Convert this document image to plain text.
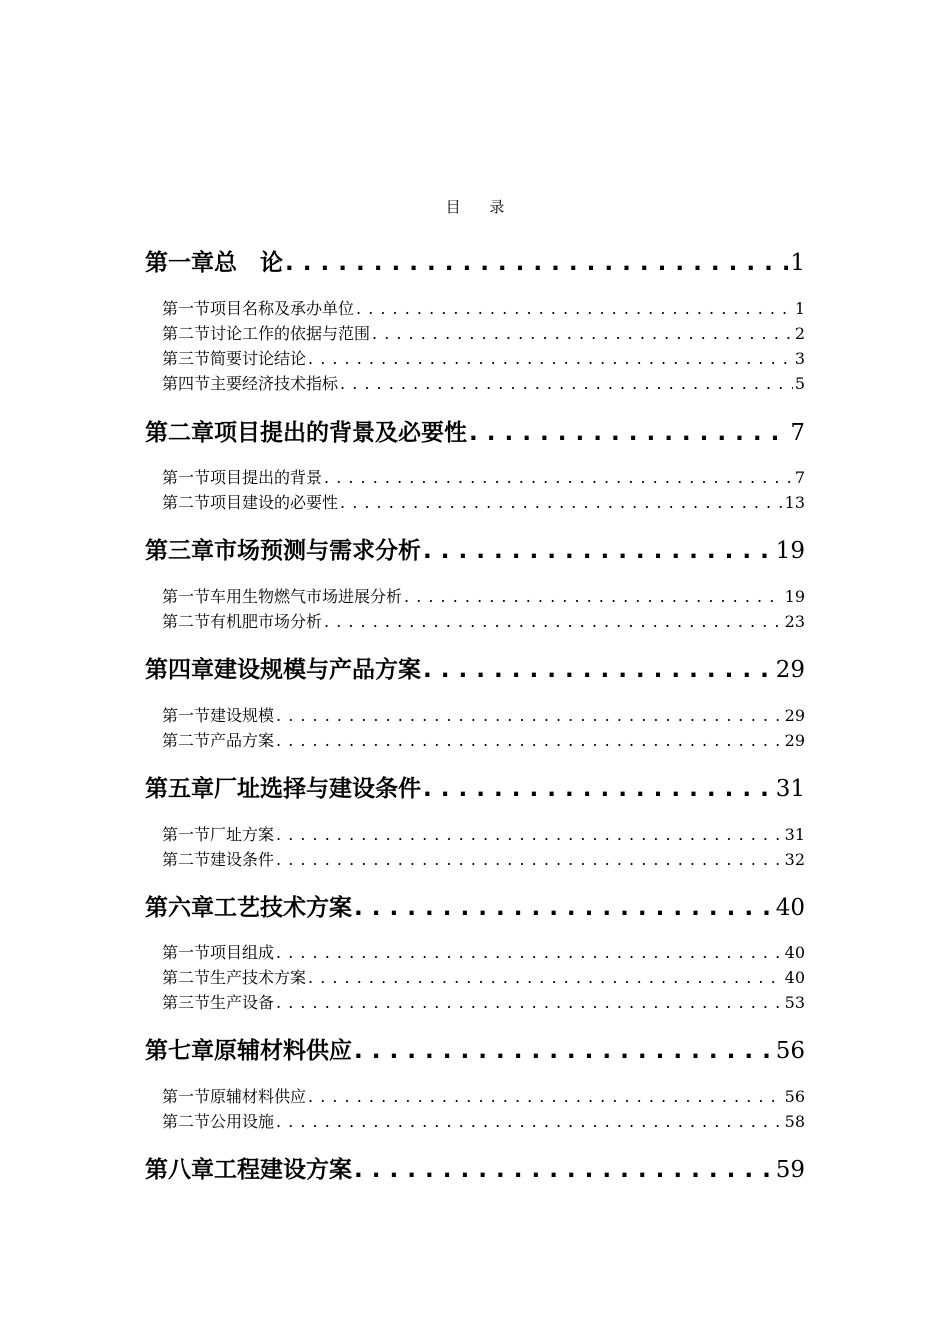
目 录
第一章 总　论 . . .	1
第一节 项目名称及承办单位 . . .	1
第二节 讨论工作的依据与范围 . . .	2
第三节 简要讨论结论 . . .	3
第四节 主要经济技术指标 . . .	5
第二章 项目提出的背景及必要性 . . .	7
第一节 项目提出的背景 . . .	7
第二节 项目建设的必要性 . . .	13
第三章 市场预测与需求分析 . . .	19
第一节 车用生物燃气市场进展分析 . . .	19
第二节 有机肥市场分析 . . .	23
第四章 建设规模与产品方案 . . .	29
第一节 建设规模 . . .	29
第二节 产品方案 . . .	29
第五章 厂址选择与建设条件 . . .	31
第一节 厂址方案 . . .	31
第二节 建设条件 . . .	32
第六章 工艺技术方案 . . .	40
第一节 项目组成 . . .	40
第二节 生产技术方案 . . .	40
第三节 生产设备 . . .	53
第七章 原辅材料供应 . . .	56
第一节 原辅材料供应 . . .	56
第二节 公用设施 . . .	58
第八章 工程建设方案 . . .	59
